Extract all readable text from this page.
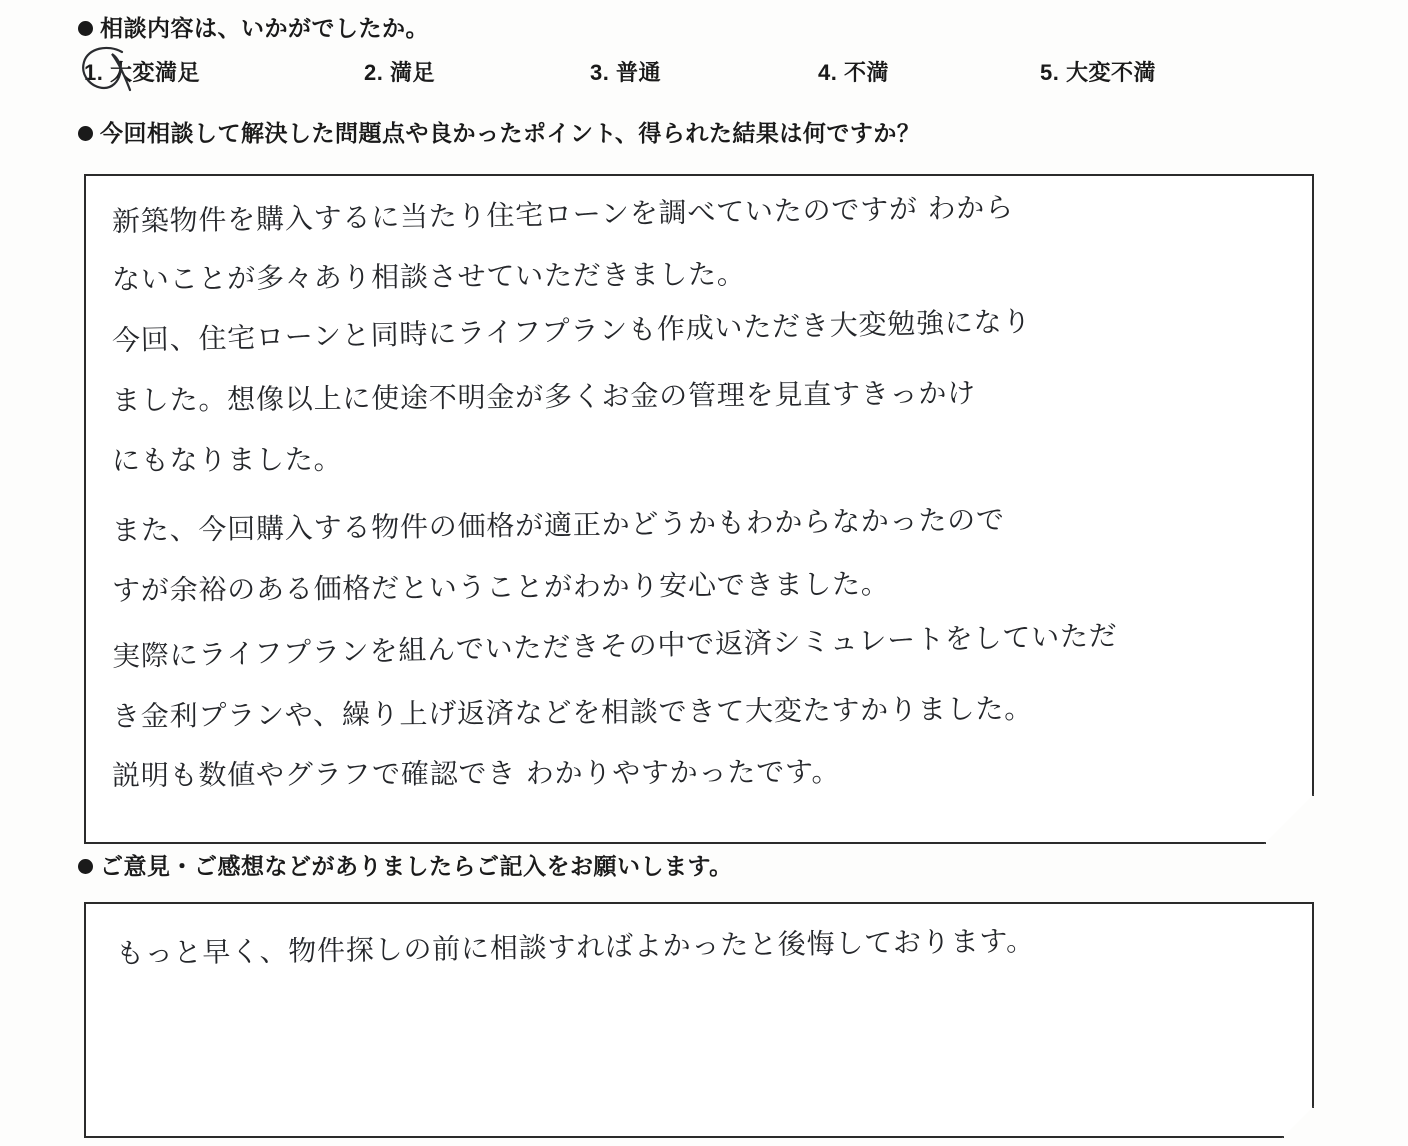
相談内容は、いかがでしたか。
1. 大変満足	2. 満足	3. 普通	4. 不満	5. 大変不満
今回相談して解決した問題点や良かったポイント、得られた結果は何ですか？
新築物件を購入するに当たり住宅ローンを調べていたのですが わから
ないことが多々あり相談させていただきました。
今回、住宅ローンと同時にライフプランも作成いただき大変勉強になり
ました。想像以上に使途不明金が多くお金の管理を見直すきっかけ
にもなりました。
また、今回購入する物件の価格が適正かどうかもわからなかったので
すが余裕のある価格だということがわかり安心できました。
実際にライフプランを組んでいただきその中で返済シミュレートをしていただ
き金利プランや、繰り上げ返済などを相談できて大変たすかりました。
説明も数値やグラフで確認でき わかりやすかったです。
ご意見・ご感想などがありましたらご記入をお願いします。
もっと早く、物件探しの前に相談すればよかったと後悔しております。
